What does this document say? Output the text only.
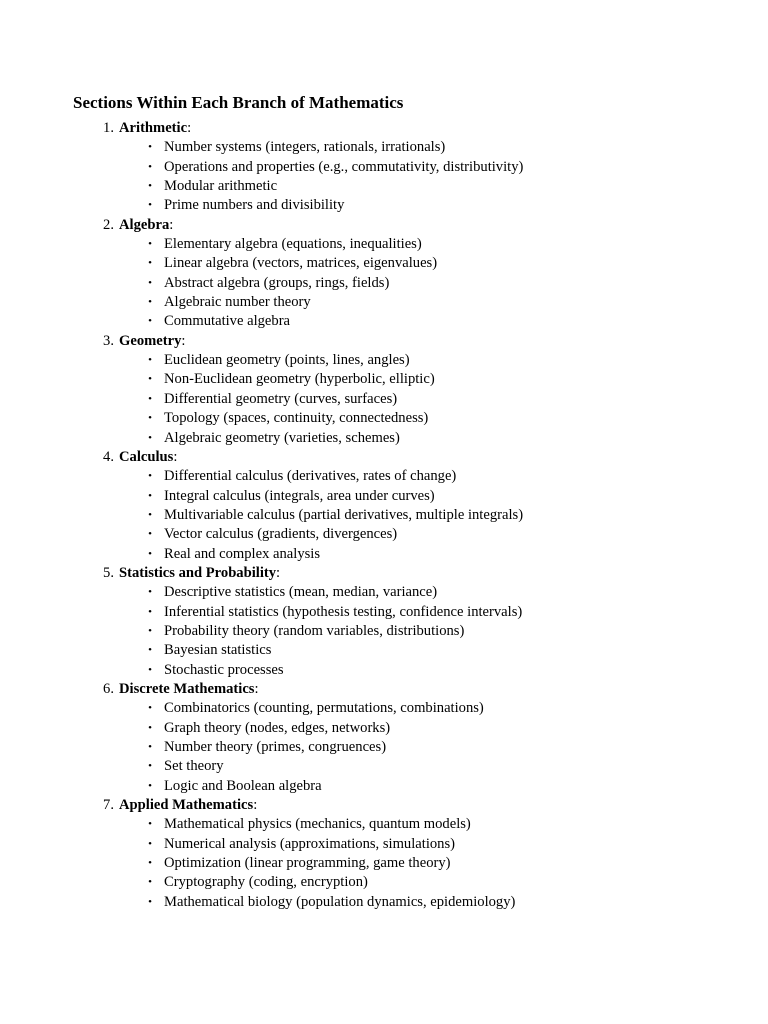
Sections Within Each Branch of Mathematics
1. Arithmetic:
• Number systems (integers, rationals, irrationals)
• Operations and properties (e.g., commutativity, distributivity)
• Modular arithmetic
• Prime numbers and divisibility
2. Algebra:
• Elementary algebra (equations, inequalities)
• Linear algebra (vectors, matrices, eigenvalues)
• Abstract algebra (groups, rings, fields)
• Algebraic number theory
• Commutative algebra
3. Geometry:
• Euclidean geometry (points, lines, angles)
• Non-Euclidean geometry (hyperbolic, elliptic)
• Differential geometry (curves, surfaces)
• Topology (spaces, continuity, connectedness)
• Algebraic geometry (varieties, schemes)
4. Calculus:
• Differential calculus (derivatives, rates of change)
• Integral calculus (integrals, area under curves)
• Multivariable calculus (partial derivatives, multiple integrals)
• Vector calculus (gradients, divergences)
• Real and complex analysis
5. Statistics and Probability:
• Descriptive statistics (mean, median, variance)
• Inferential statistics (hypothesis testing, confidence intervals)
• Probability theory (random variables, distributions)
• Bayesian statistics
• Stochastic processes
6. Discrete Mathematics:
• Combinatorics (counting, permutations, combinations)
• Graph theory (nodes, edges, networks)
• Number theory (primes, congruences)
• Set theory
• Logic and Boolean algebra
7. Applied Mathematics:
• Mathematical physics (mechanics, quantum models)
• Numerical analysis (approximations, simulations)
• Optimization (linear programming, game theory)
• Cryptography (coding, encryption)
• Mathematical biology (population dynamics, epidemiology)
